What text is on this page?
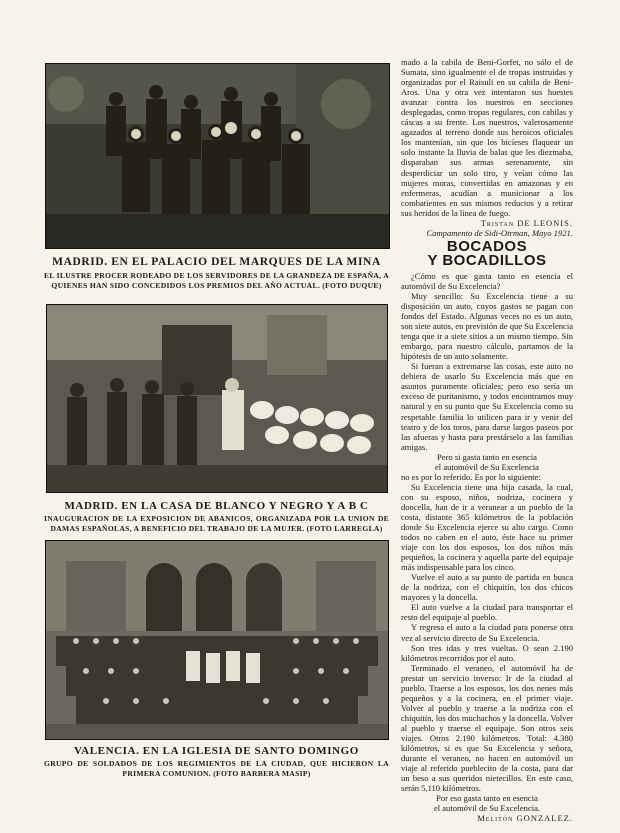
MADRID. EN EL PALACIO DEL MARQUES DE LA MINA

EL ILUSTRE PROCER RODEADO DE LOS SERVIDORES DE LA GRANDEZA DE ESPAÑA, A QUIENES HAN SIDO CONCEDIDOS LOS PREMIOS DEL AÑO ACTUAL. (FOTO DUQUE)

MADRID. EN LA CASA DE BLANCO Y NEGRO Y A B C

INAUGURACION DE LA EXPOSICION DE ABANICOS, ORGANIZADA POR LA UNION DE DAMAS ESPAÑOLAS, A BENEFICIO DEL TRABAJO DE LA MUJER. (FOTO LARREGLA)

VALENCIA. EN LA IGLESIA DE SANTO DOMINGO

GRUPO DE SOLDADOS DE LOS REGIMIENTOS DE LA CIUDAD, QUE HICIERON LA PRIMERA COMUNION. (FOTO BARBERA MASIP)

mado a la cabila de Beni-Gorfet, no sólo el de Sumata, sino igualmente el de tropas instruidas y organizadas por el Raisuli en su cabila de Beni-Aros. Una y otra vez intentaron sus huestes avanzar contra los nuestros en secciones desplegadas, como tropas regulares, con cabilas y cáscas a su frente. Los nuestros, valerosamente agazados al terreno donde sus heroicos oficiales los mantenían, sin que los bicíeses flaquear un solo instante la lluvia de balas que les diezmaba, disparaban sus armas serenamente, sin desperdiciar un solo tiro, y veían cómo las mujeres moras, convertidas en amazonas y en enfermeras, acudían a municionar a los combatientes en sus mismos reductos y a retirar sus heridos de la línea de fuego.

Tristan DE LEONIS.

Campamento de Sidi-Otrman, Mayo 1921.

BOCADOS
Y BOCADILLOS

¿Cómo es que gasta tanto en esencia el automóvil de Su Excelencia?

Muy sencillo: Su Excelencia tiene a su disposición un auto, cuyos gastos se pagan con fondos del Estado. Algunas veces no es un auto, son siete autos, en previsión de que Su Excelencia tenga que ir a siete sitios a un mismo tiempo. Sin embargo, para nuestro cálculo, partamos de la hipótesis de un auto solamente.

Si fueran a extremarse las cosas, este auto no debiera de usarlo Su Excelencia más que en asuntos puramente oficiales; pero eso sería un exceso de puritanismo, y todos encontramos muy natural y en su punto que Su Excelencia como su respetable familia lo utilicen para ir y venir del teatro y de los toros, para darse largos paseos por las afueras y hasta para prestárselo a las familias amigas.

Pero si gasta tanto en esencia

el automóvil de Su Excelencia

no es por lo referido. Es por lo siguiente:

Su Excelencia tiene una hija casada, la cual, con su esposo, niños, nodriza, cocinera y doncella, han de ir a veranear a un pueblo de la costa, distante 365 kilómetros de la población donde Su Excelencia ejerce su alto cargo. Como todos no caben en el auto, éste hace su primer viaje con los dos esposos, los dos niños más pequeños, la cocinera y aquella parte del equipaje más indispensable para los cinco.

Vuelve el auto a su punto de partida en busca de la nodriza, con el chiquitín, los dos chicos mayores y la doncella.

El auto vuelve a la ciudad para transportar el resto del equipaje al pueblo.

Y regresa el auto a la ciudad para ponerse otra vez al servicio directo de Su Excelencia.

Son tres idas y tres vueltas. O sean 2.190 kilómetros recorridos por el auto.

Terminado el veraneo, el automóvil ha de prestar un servicio inverso: Ir de la ciudad al pueblo. Traerse a los esposos, los dos nenes más pequeños y a la cocinera, en el primer viaje. Volver al pueblo y traerse a la nodriza con el chiquitín, los dos muchachos y la doncella. Volver al pueblo y traerse el equipaje. Son otros seis viajes. Otros 2.190 kilómetros. Total: 4.380 kilómetros, si es que Su Excelencia y señora, durante el veraneo, no hacen en automóvil un viaje al referido pueblecito de la costa, para dar un beso a sus queridos nietecillos. En este caso, serán 5.110 kilómetros.

Por eso gasta tanto en esencia

el automóvil de Su Excelencia.

Melitón GONZALEZ.
